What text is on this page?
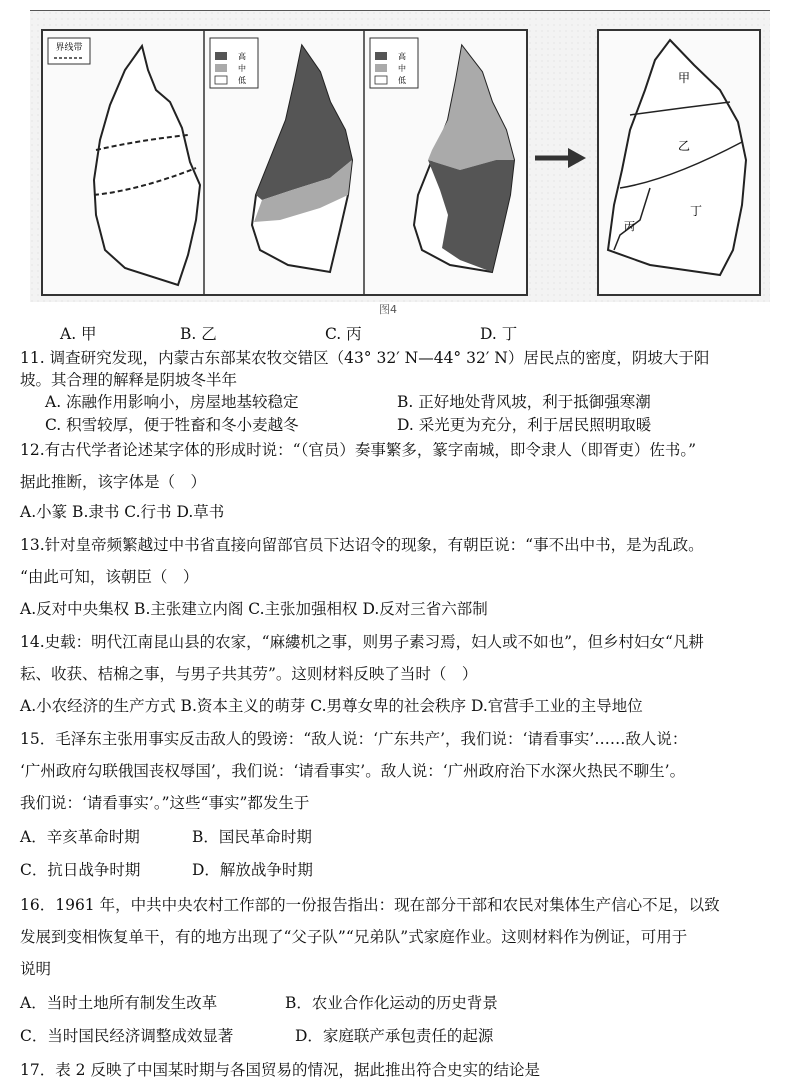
界线带
高
中
低
高
中
低	甲
乙
丙
丁
图4
A. 甲	B. 乙	C. 丙	D. 丁
11. 调查研究发现，内蒙古东部某农牧交错区（43° 32′ N—44° 32′ N）居民点的密度，阴坡大于阳
坡。其合理的解释是阴坡冬半年
A. 冻融作用影响小，房屋地基较稳定	B. 正好地处背风坡，利于抵御强寒潮
C. 积雪较厚，便于牲畜和冬小麦越冬	D. 采光更为充分，利于居民照明取暖
12.有古代学者论述某字体的形成时说：“（官员）奏事繁多，篆字南城，即令隶人（即胥吏）佐书。”
据此推断，该字体是（　）
A.小篆 B.隶书 C.行书 D.草书
13.针对皇帝频繁越过中书省直接向留部官员下达诏令的现象，有朝臣说：“事不出中书，是为乱政。
“由此可知，该朝臣（　）
A.反对中央集权 B.主张建立内阁 C.主张加强相权 D.反对三省六部制
14.史载：明代江南昆山县的农家，“麻縷机之事，则男子素习焉，妇人或不如也”，但乡村妇女“凡耕
耘、收获、桔棉之事，与男子共其劳”。这则材料反映了当时（　）
A.小农经济的生产方式 B.资本主义的萌芽 C.男尊女卑的社会秩序 D.官营手工业的主导地位
15．毛泽东主张用事实反击敌人的毁谤：“敌人说：‘广东共产’，我们说：‘请看事实’……敌人说：
‘广州政府勾联俄国丧权辱国’，我们说：‘请看事实’。敌人说：‘广州政府治下水深火热民不聊生’。
我们说：‘请看事实’。”这些“事实”都发生于
A．辛亥革命时期	B．国民革命时期
C．抗日战争时期	D．解放战争时期
16．1961 年，中共中央农村工作部的一份报告指出：现在部分干部和农民对集体生产信心不足，以致
发展到变相恢复单干，有的地方出现了“父子队”“兄弟队”式家庭作业。这则材料作为例证，可用于
说明
A．当时土地所有制发生改革	B．农业合作化运动的历史背景
C．当时国民经济调整成效显著	D．家庭联产承包责任的起源
17．表 2 反映了中国某时期与各国贸易的情况，据此推出符合史实的结论是
